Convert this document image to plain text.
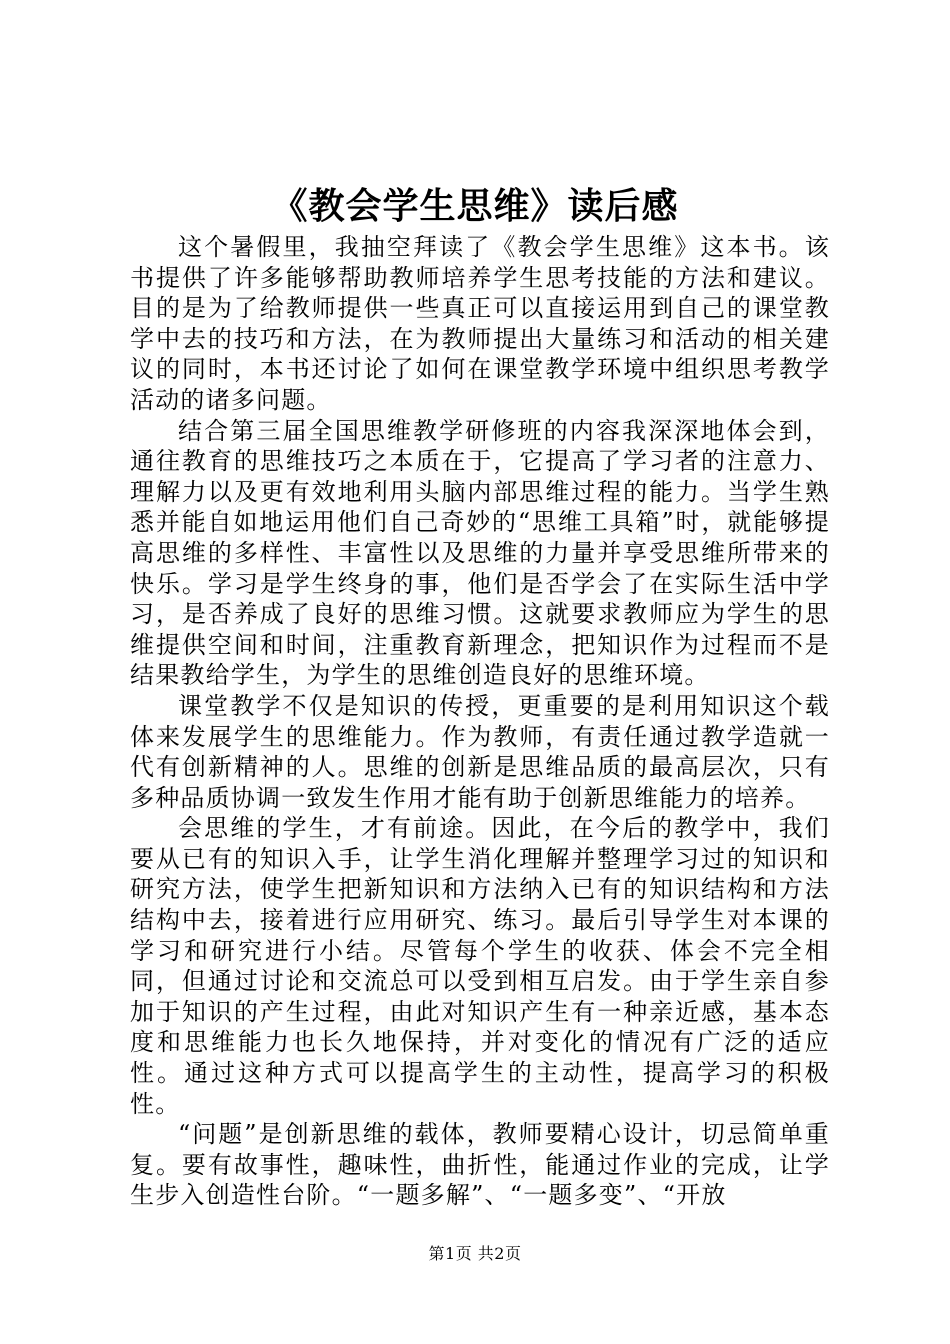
《教会学生思维》读后感

这个暑假里，我抽空拜读了《教会学生思维》这本书。该书提供了许多能够帮助教师培养学生思考技能的方法和建议。目的是为了给教师提供一些真正可以直接运用到自己的课堂教学中去的技巧和方法，在为教师提出大量练习和活动的相关建议的同时，本书还讨论了如何在课堂教学环境中组织思考教学活动的诸多问题。

结合第三届全国思维教学研修班的内容我深深地体会到，通往教育的思维技巧之本质在于，它提高了学习者的注意力、理解力以及更有效地利用头脑内部思维过程的能力。当学生熟悉并能自如地运用他们自己奇妙的“思维工具箱”时，就能够提高思维的多样性、丰富性以及思维的力量并享受思维所带来的快乐。学习是学生终身的事，他们是否学会了在实际生活中学习，是否养成了良好的思维习惯。这就要求教师应为学生的思维提供空间和时间，注重教育新理念，把知识作为过程而不是结果教给学生，为学生的思维创造良好的思维环境。

课堂教学不仅是知识的传授，更重要的是利用知识这个载体来发展学生的思维能力。作为教师，有责任通过教学造就一代有创新精神的人。思维的创新是思维品质的最高层次，只有多种品质协调一致发生作用才能有助于创新思维能力的培养。

会思维的学生，才有前途。因此，在今后的教学中，我们要从已有的知识入手，让学生消化理解并整理学习过的知识和研究方法，使学生把新知识和方法纳入已有的知识结构和方法结构中去，接着进行应用研究、练习。最后引导学生对本课的学习和研究进行小结。尽管每个学生的收获、体会不完全相同，但通过讨论和交流总可以受到相互启发。由于学生亲自参加于知识的产生过程，由此对知识产生有一种亲近感，基本态度和思维能力也长久地保持，并对变化的情况有广泛的适应性。通过这种方式可以提高学生的主动性，提高学习的积极性。

“问题”是创新思维的载体，教师要精心设计，切忌简单重复。要有故事性，趣味性，曲折性，能通过作业的完成，让学生步入创造性台阶。“一题多解”、“一题多变”、“开放

第1页 共2页
